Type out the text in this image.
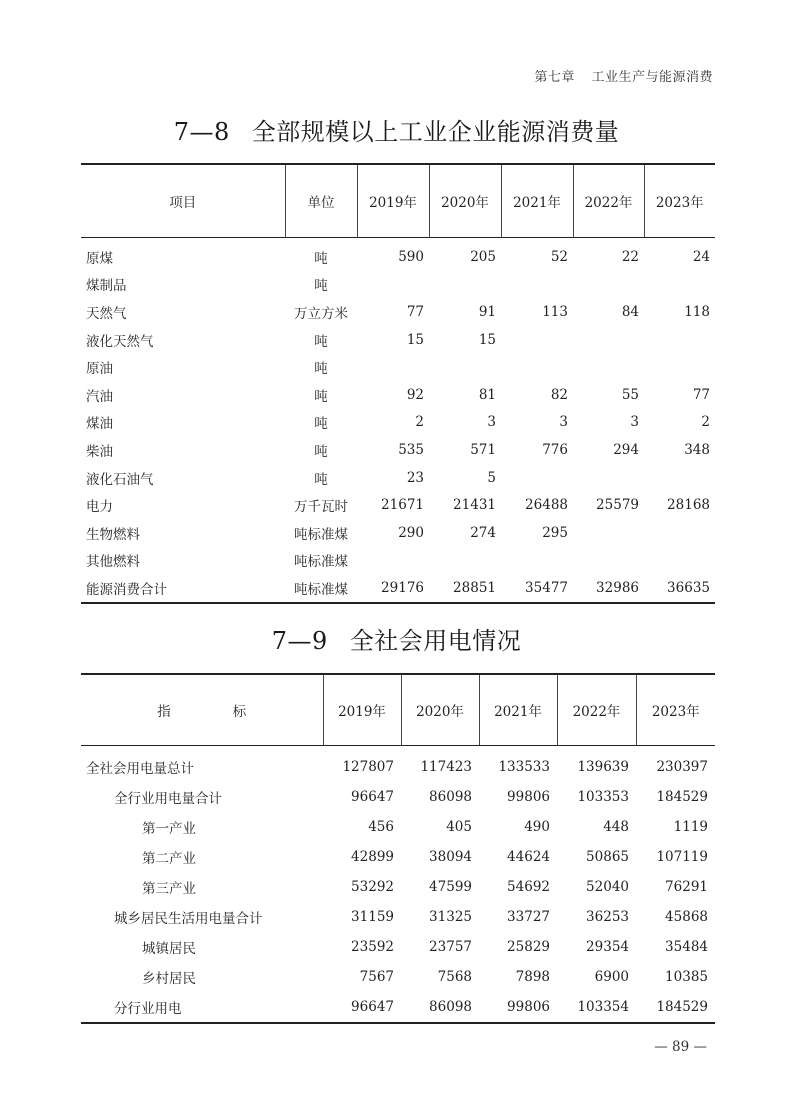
第七章 工业生产与能源消费
7—8 全部规模以上工业企业能源消费量
项目	单位	2019年	2020年	2021年	2022年	2023年
原煤	吨	590	205	52	22	24
煤制品	吨					
天然气	万立方米	77	91	113	84	118
液化天然气	吨	15	15			
原油	吨					
汽油	吨	92	81	82	55	77
煤油	吨	2	3	3	3	2
柴油	吨	535	571	776	294	348
液化石油气	吨	23	5			
电力	万千瓦时	21671	21431	26488	25579	28168
生物燃料	吨标准煤	290	274	295		
其他燃料	吨标准煤					
能源消费合计	吨标准煤	29176	28851	35477	32986	36635
7—9 全社会用电情况
指 标	2019年	2020年	2021年	2022年	2023年
全社会用电量总计	127807	117423	133533	139639	230397
全行业用电量合计	96647	86098	99806	103353	184529
第一产业	456	405	490	448	1119
第二产业	42899	38094	44624	50865	107119
第三产业	53292	47599	54692	52040	76291
城乡居民生活用电量合计	31159	31325	33727	36253	45868
城镇居民	23592	23757	25829	29354	35484
乡村居民	7567	7568	7898	6900	10385
分行业用电	96647	86098	99806	103354	184529
— 89 —
